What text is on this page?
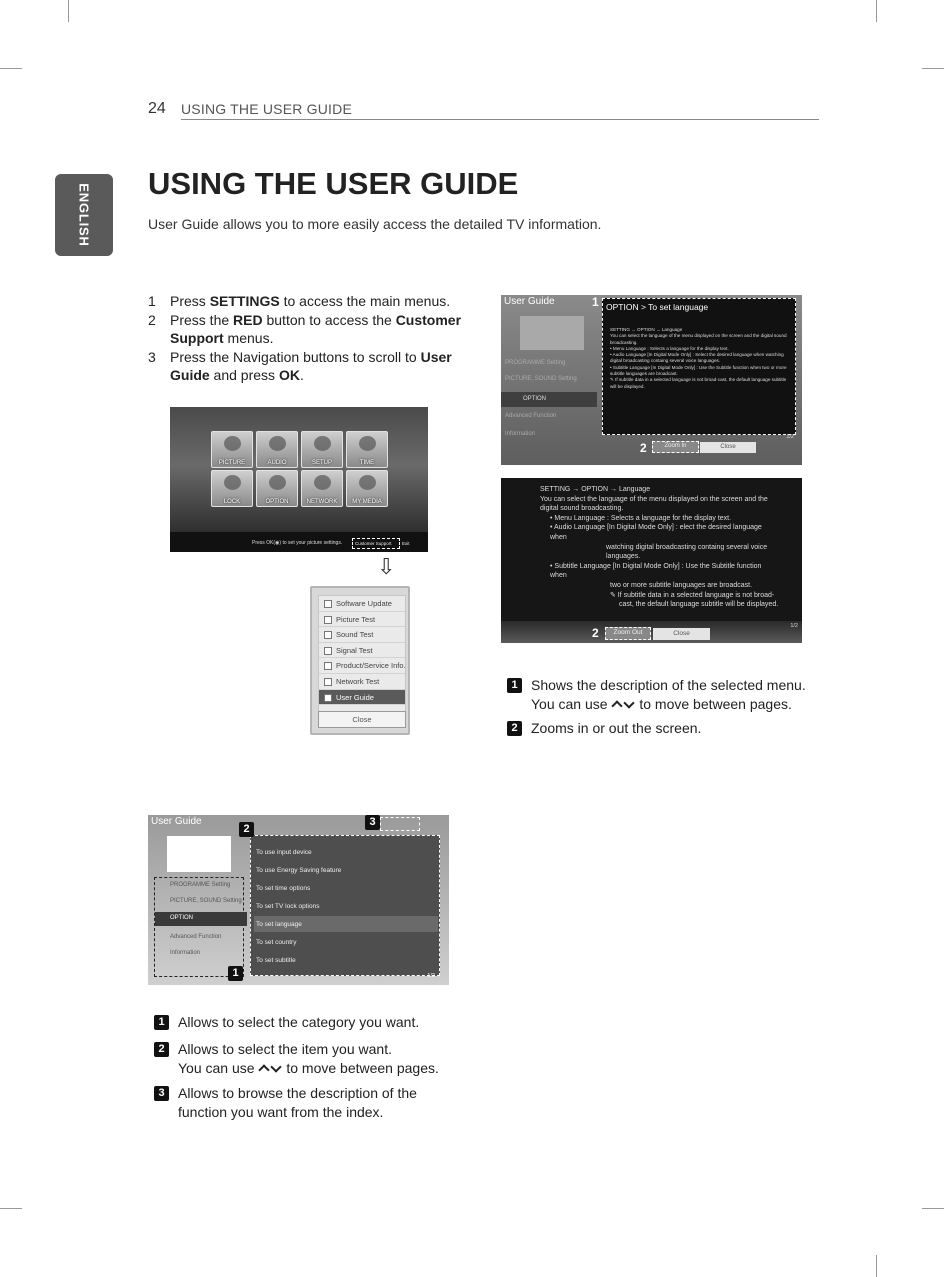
24 USING THE USER GUIDE
ENGLISH USING THE USER GUIDE
User Guide allows you to more easily access the detailed TV information.
1	Press SETTINGS to access the main menus.
2	Press the RED button to access the Customer Support menus.
3	Press the Navigation buttons to scroll to User Guide and press OK.
PICTURE	AUDIO	SETUP	TIME
LOCK	OPTION	NETWORK	MY MEDIA
Press OK(◉) to set your picture settings.	Customer Support	Exit
⇩
Software Update
Picture Test
Sound Test
Signal Test
Product/Service Info.
Network Test
User Guide
Close
User Guide
PROGRAMME Setting
PICTURE, SOUND Setting
OPTION
Advanced Function
Information
OPTION > To set language
SETTING → OPTION → Language
You can select the language of the menu displayed on the screen and the digital sound broadcasting.
• Menu Language : Selects a language for the display text.
• Audio Language [In Digital Mode Only] : Select the desired language when watching digital broadcasting containg several voice languages.
• Subtitle Language [In Digital Mode Only] : Use the Subtitle function when two or more subtitle languages are broadcast.
✎ If subtitle data in a selected language is not broad-cast, the default language subtitle will be displayed.
1
2	Zoom In	Close
1/2
SETTING → OPTION → Language
You can select the language of the menu displayed on the screen and the
digital sound broadcasting.
• Menu Language : Selects a language for the display text.
• Audio Language [In Digital Mode Only] : elect the desired language when
watching digital broadcasting containg several voice
languages.
• Subtitle Language [In Digital Mode Only] : Use the Subtitle function when
two or more subtitle languages are broadcast.
✎ If subtitle data in a selected language is not broad-
cast, the default language subtitle will be displayed.
2	Zoom Out	Close
1/2
1 Shows the description of the selected menu.
You can use to move between pages.
2 Zooms in or out the screen.
User Guide
PROGRAMME Setting
PICTURE, SOUND Setting
OPTION
Advanced Function
Information
To use input device
To use Energy Saving feature
To set time options
To set TV lock options
To set language
To set country
To set subtitle
2
3
1	1/2
1 Allows to select the category you want.
2 Allows to select the item you want.
You can use to move between pages.
3 Allows to browse the description of the
function you want from the index.
